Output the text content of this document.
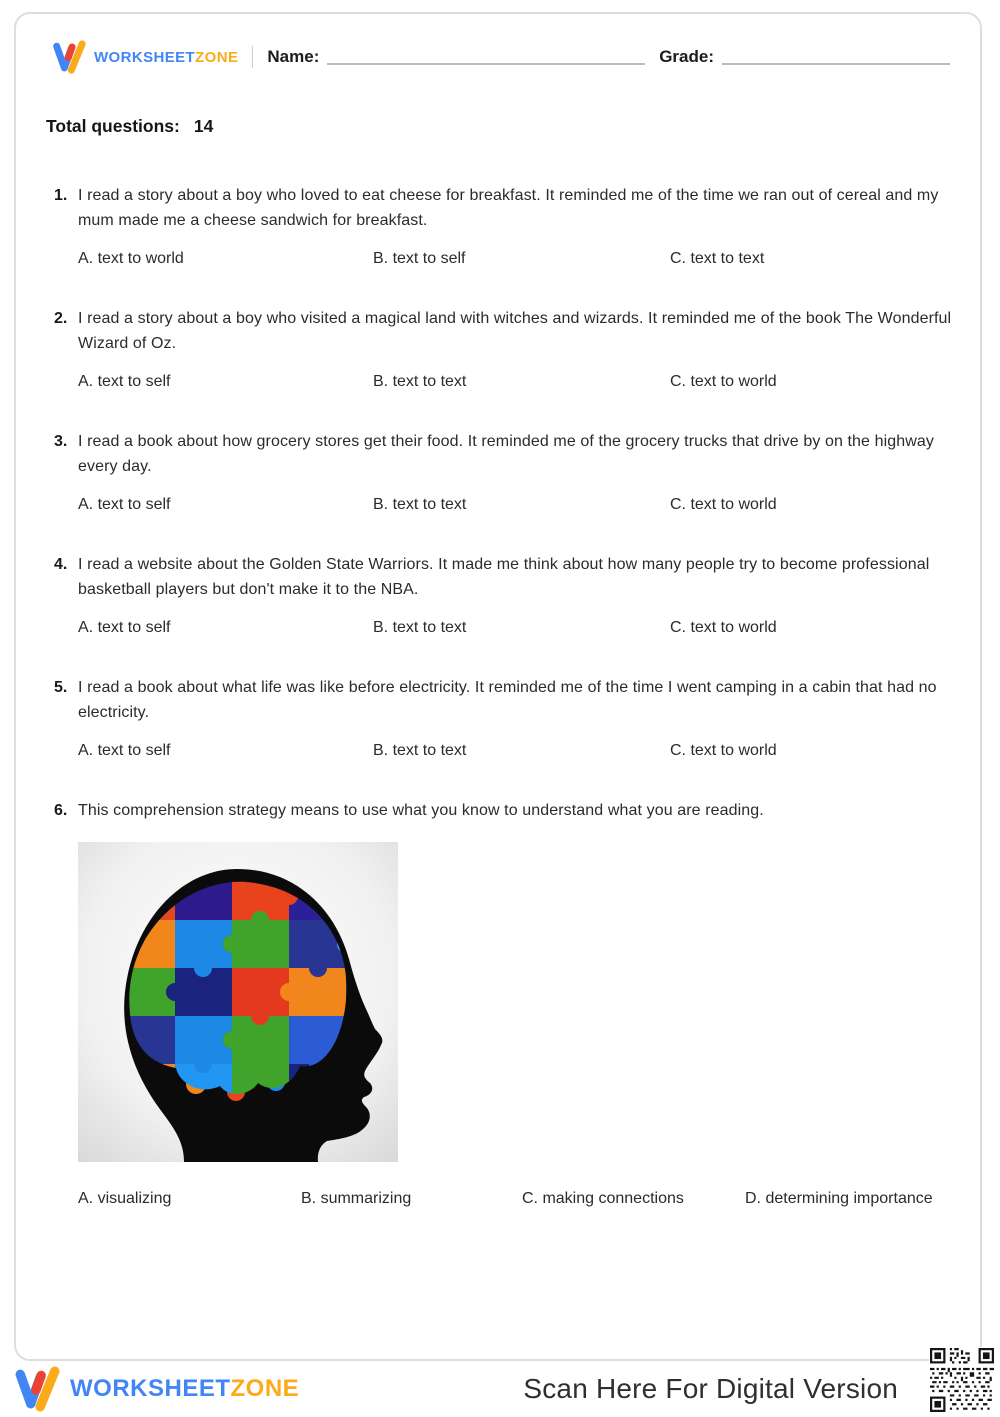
WORKSHEETZONE Name:	Grade:
Total questions: 14
1. I read a story about a boy who loved to eat cheese for breakfast. It reminded me of the time we ran out of cereal and my mum made me a cheese sandwich for breakfast.
A. text to world	B. text to self	C. text to text
2. I read a story about a boy who visited a magical land with witches and wizards. It reminded me of the book The Wonderful Wizard of Oz.
A. text to self	B. text to text	C. text to world
3. I read a book about how grocery stores get their food. It reminded me of the grocery trucks that drive by on the highway every day.
A. text to self	B. text to text	C. text to world
4. I read a website about the Golden State Warriors. It made me think about how many people try to become professional basketball players but don't make it to the NBA.
A. text to self	B. text to text	C. text to world
5. I read a book about what life was like before electricity. It reminded me of the time I went camping in a cabin that had no electricity.
A. text to self	B. text to text	C. text to world
6. This comprehension strategy means to use what you know to understand what you are reading.
A. visualizing	B. summarizing	C. making connections	D. determining importance
WORKSHEETZONE	Scan Here For Digital Version
